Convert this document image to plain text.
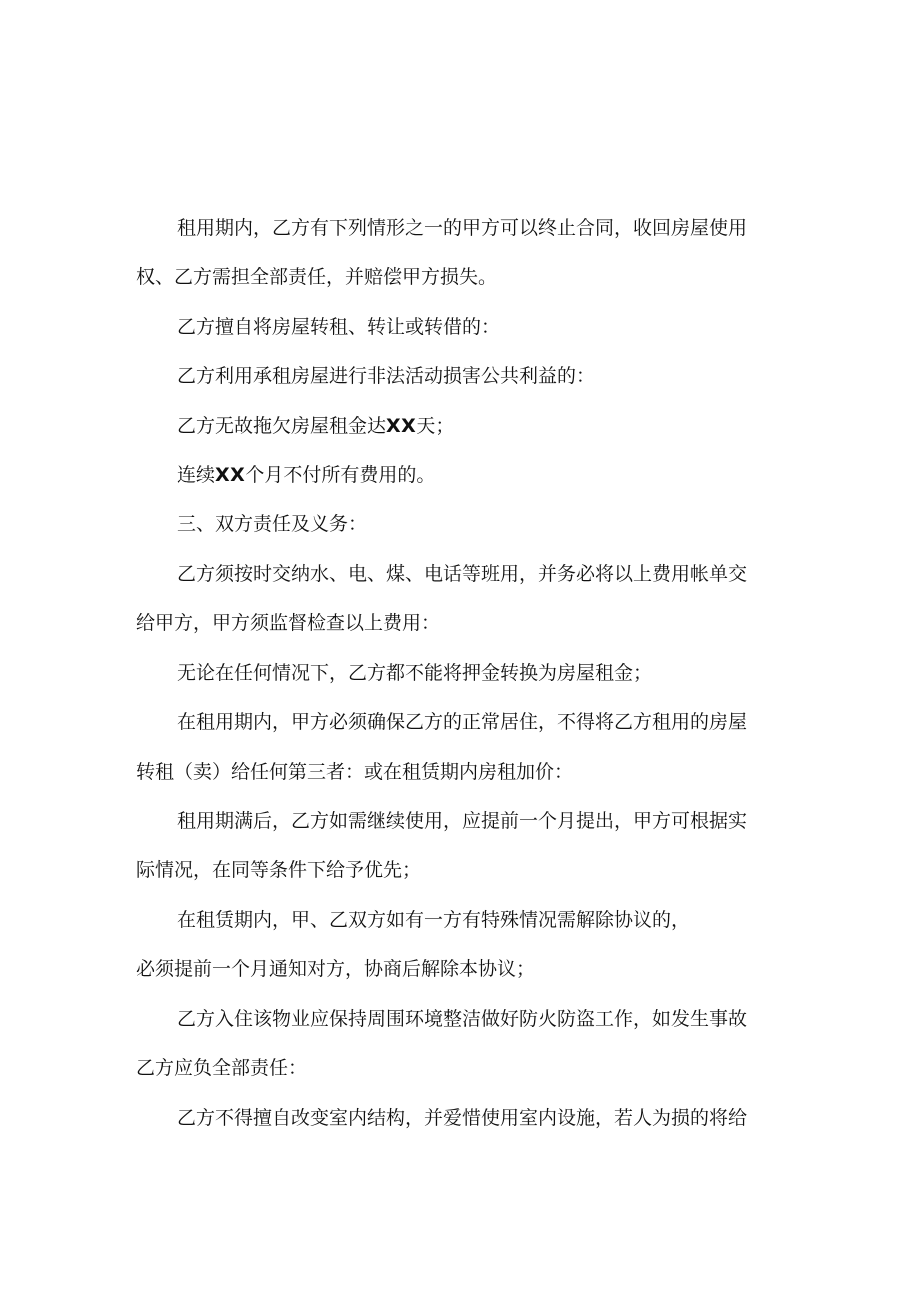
租用期内，乙方有下列情形之一的甲方可以终止合同，收回房屋使用
权、乙方需担全部责任，并赔偿甲方损失。
乙方擅自将房屋转租、转让或转借的：
乙方利用承租房屋进行非法活动损害公共利益的：
乙方无故拖欠房屋租金达XX天；
连续XX个月不付所有费用的。
三、双方责任及义务：
乙方须按时交纳水、电、煤、电话等班用，并务必将以上费用帐单交
给甲方，甲方须监督检查以上费用：
无论在任何情况下，乙方都不能将押金转换为房屋租金；
在租用期内，甲方必须确保乙方的正常居住，不得将乙方租用的房屋
转租（卖）给任何第三者：或在租赁期内房租加价：
租用期满后，乙方如需继续使用，应提前一个月提出，甲方可根据实
际情况，在同等条件下给予优先；
在租赁期内，甲、乙双方如有一方有特殊情况需解除协议的，
必须提前一个月通知对方，协商后解除本协议；
乙方入住该物业应保持周围环境整洁做好防火防盗工作，如发生事故
乙方应负全部责任：
乙方不得擅自改变室内结构，并爱惜使用室内设施，若人为损的将给
